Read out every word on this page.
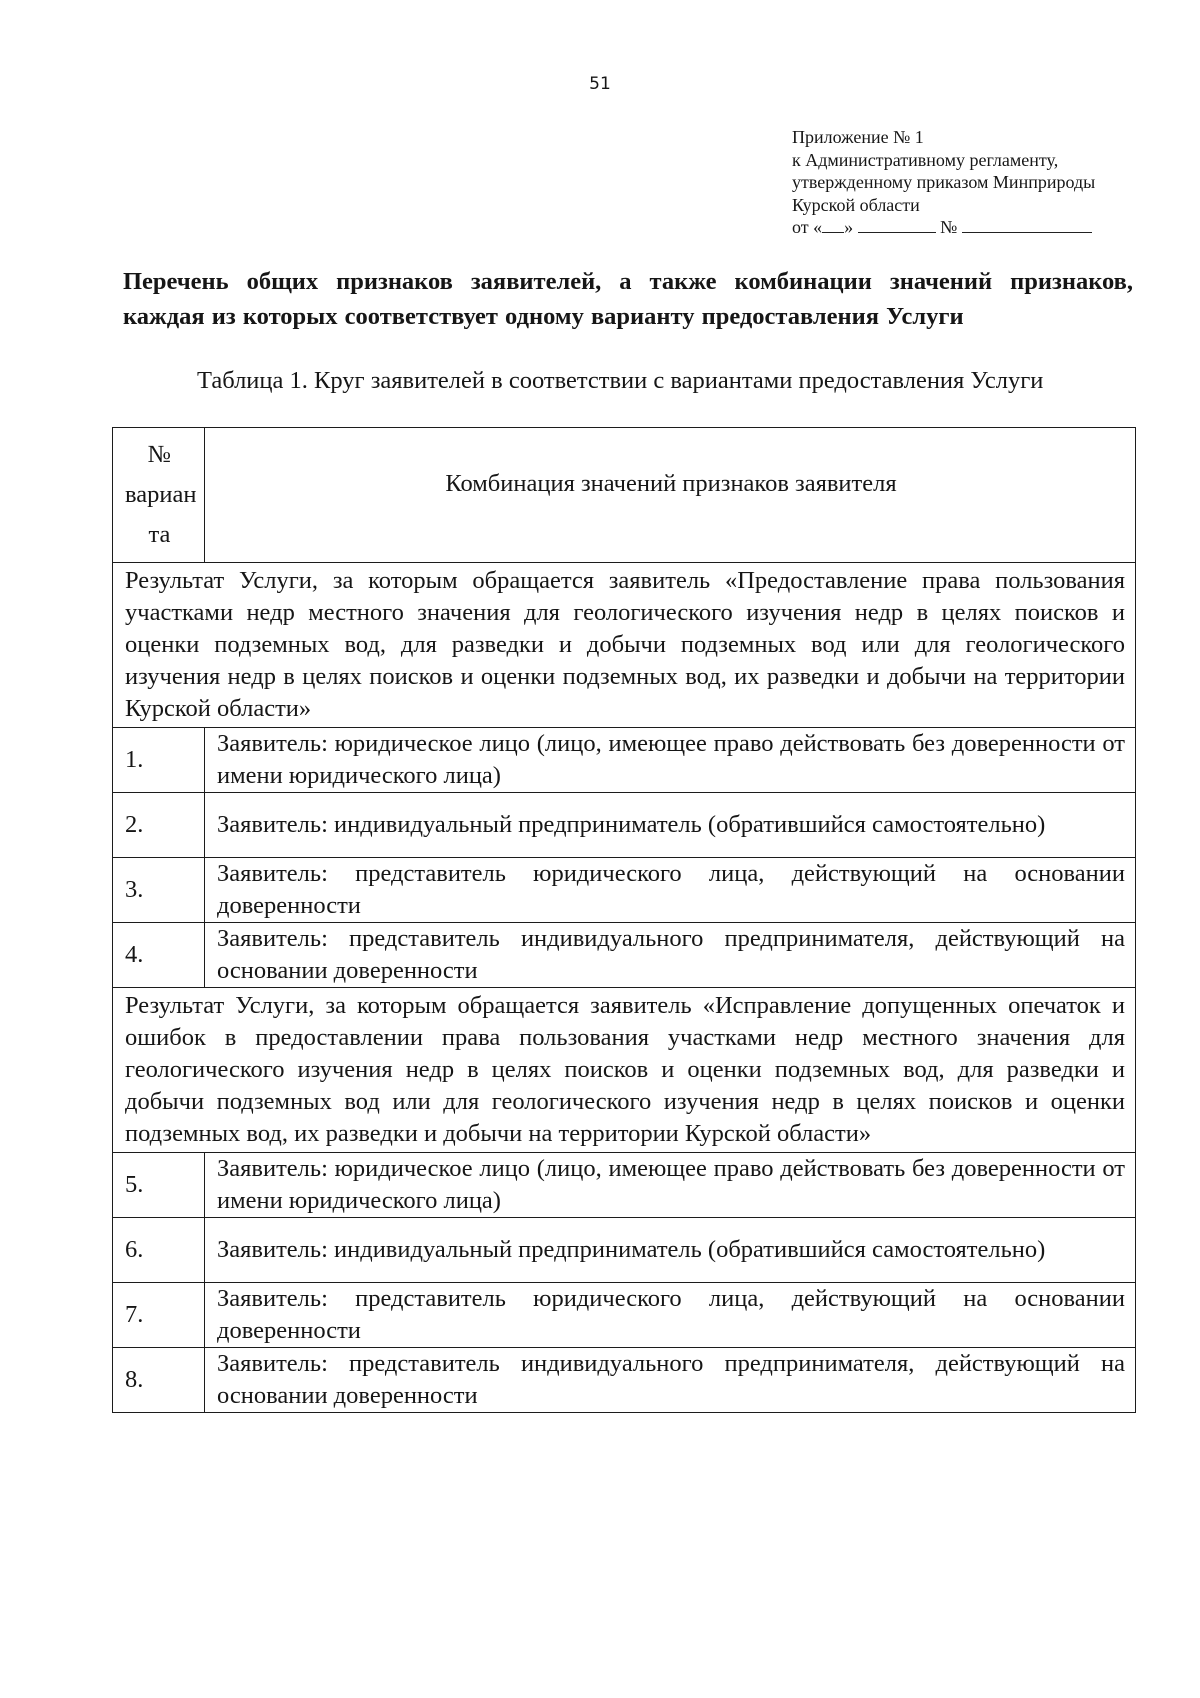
51
Приложение № 1
к Административному регламенту,
утвержденному приказом Минприроды
Курской области
от « »	№
Перечень общих признаков заявителей, а также комбинации значений признаков, каждая из которых соответствует одному варианту предоставления Услуги
Таблица 1. Круг заявителей в соответствии с вариантами предоставления Услуги
№
вариан
та	Комбинация значений признаков заявителя
Результат Услуги, за которым обращается заявитель «Предоставление права пользования участками недр местного значения для геологического изучения недр в целях поисков и оценки подземных вод, для разведки и добычи подземных вод или для геологического изучения недр в целях поисков и оценки подземных вод, их разведки и добычи на территории Курской области»	
1.	Заявитель: юридическое лицо (лицо, имеющее право действовать без доверенности от имени юридического лица)
2.	Заявитель: индивидуальный предприниматель (обратившийся самостоятельно)
3.	Заявитель: представитель юридического лица, действующий на основании доверенности
4.	Заявитель: представитель индивидуального предпринимателя, действующий на основании доверенности
Результат Услуги, за которым обращается заявитель «Исправление допущенных опечаток и ошибок в предоставлении права пользования участками недр местного значения для геологического изучения недр в целях поисков и оценки подземных вод, для разведки и добычи подземных вод или для геологического изучения недр в целях поисков и оценки подземных вод, их разведки и добычи на территории Курской области»	
5.	Заявитель: юридическое лицо (лицо, имеющее право действовать без доверенности от имени юридического лица)
6.	Заявитель: индивидуальный предприниматель (обратившийся самостоятельно)
7.	Заявитель: представитель юридического лица, действующий на основании доверенности
8.	Заявитель: представитель индивидуального предпринимателя, действующий на основании доверенности
